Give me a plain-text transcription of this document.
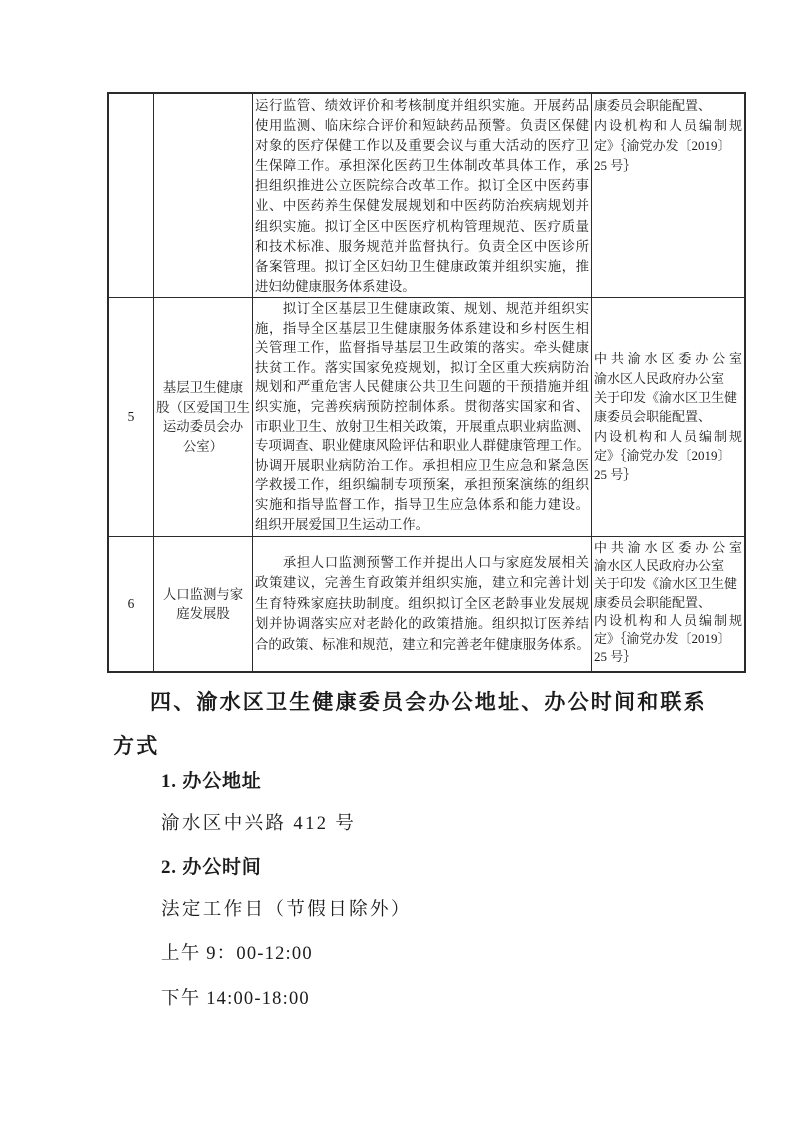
运行监管、绩效评价和考核制度并组织实施。开展药品
使用监测、临床综合评价和短缺药品预警。负责区保健
对象的医疗保健工作以及重要会议与重大活动的医疗卫
生保障工作。承担深化医药卫生体制改革具体工作，承
担组织推进公立医院综合改革工作。拟订全区中医药事
业、中医药养生保健发展规划和中医药防治疾病规划并
组织实施。拟订全区中医医疗机构管理规范、医疗质量
和技术标准、服务规范并监督执行。负责全区中医诊所
备案管理。拟订全区妇幼卫生健康政策并组织实施，推
进妇幼健康服务体系建设。
康委员会职能配置、
内设机构和人员编制规
定》｛渝党办发〔2019〕
25 号｝
5
基层卫生健康
股（区爱国卫生
运动委员会办
公室）
　　拟订全区基层卫生健康政策、规划、规范并组织实
施，指导全区基层卫生健康服务体系建设和乡村医生相
关管理工作，监督指导基层卫生政策的落实。牵头健康
扶贫工作。落实国家免疫规划，拟订全区重大疾病防治
规划和严重危害人民健康公共卫生问题的干预措施并组
织实施，完善疾病预防控制体系。贯彻落实国家和省、
市职业卫生、放射卫生相关政策，开展重点职业病监测、
专项调查、职业健康风险评估和职业人群健康管理工作。
协调开展职业病防治工作。承担相应卫生应急和紧急医
学救援工作，组织编制专项预案，承担预案演练的组织
实施和指导监督工作，指导卫生应急体系和能力建设。
组织开展爱国卫生运动工作。
中共渝水区委办公室
渝水区人民政府办公室
关于印发《渝水区卫生健
康委员会职能配置、
内设机构和人员编制规
定》｛渝党办发〔2019〕
25 号｝
6
人口监测与家
庭发展股
　　承担人口监测预警工作并提出人口与家庭发展相关
政策建议，完善生育政策并组织实施，建立和完善计划
生育特殊家庭扶助制度。组织拟订全区老龄事业发展规
划并协调落实应对老龄化的政策措施。组织拟订医养结
合的政策、标准和规范，建立和完善老年健康服务体系。
中共渝水区委办公室
渝水区人民政府办公室
关于印发《渝水区卫生健
康委员会职能配置、
内设机构和人员编制规
定》｛渝党办发〔2019〕
25 号｝
四、渝水区卫生健康委员会办公地址、办公时间和联系
方式
1. 办公地址
渝水区中兴路 412 号
2. 办公时间
法定工作日（节假日除外）
上午 9：00-12:00
下午 14:00-18:00
